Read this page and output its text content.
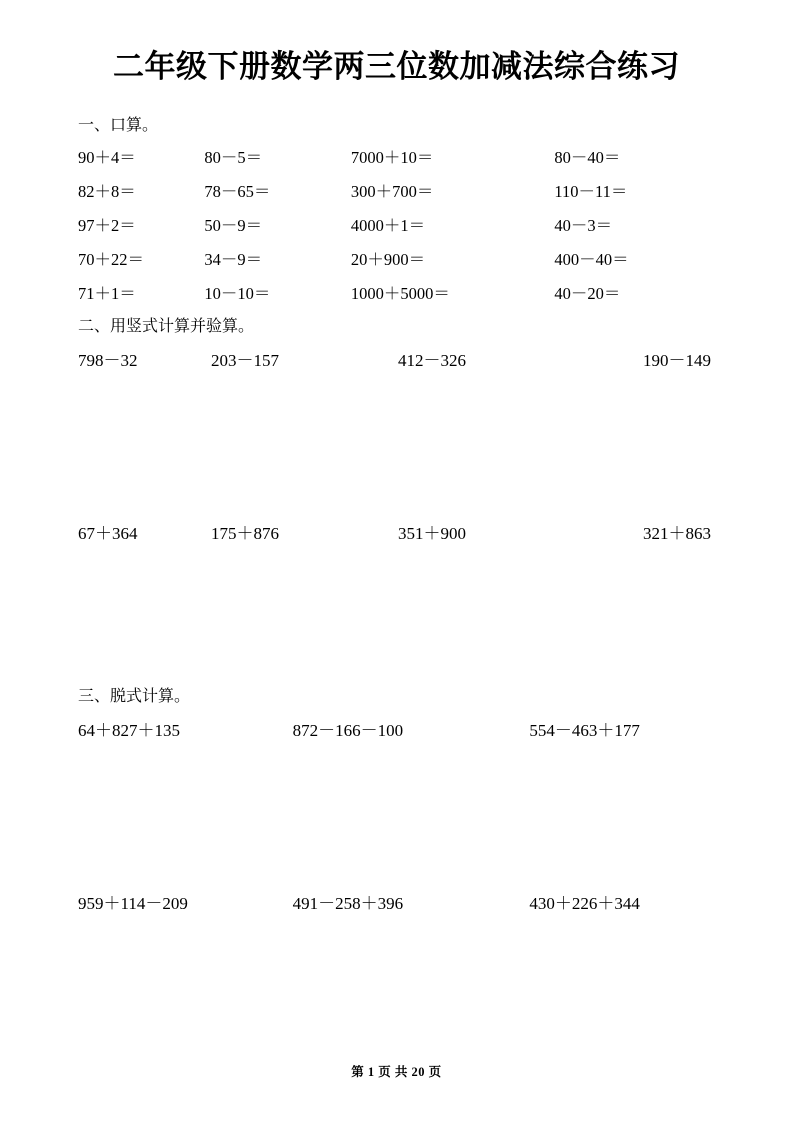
二年级下册数学两三位数加减法综合练习
一、口算。
90＋4＝	80－5＝	7000＋10＝	80－40＝
82＋8＝	78－65＝	300＋700＝	110－11＝
97＋2＝	50－9＝	4000＋1＝	40－3＝
70＋22＝	34－9＝	20＋900＝	400－40＝
71＋1＝	10－10＝	1000＋5000＝	40－20＝
二、用竖式计算并验算。
798－32	203－157	412－326	190－149
67＋364	175＋876	351＋900	321＋863
三、脱式计算。
64＋827＋135	872－166－100	554－463＋177
959＋114－209	491－258＋396	430＋226＋344
第 1 页 共 20 页
